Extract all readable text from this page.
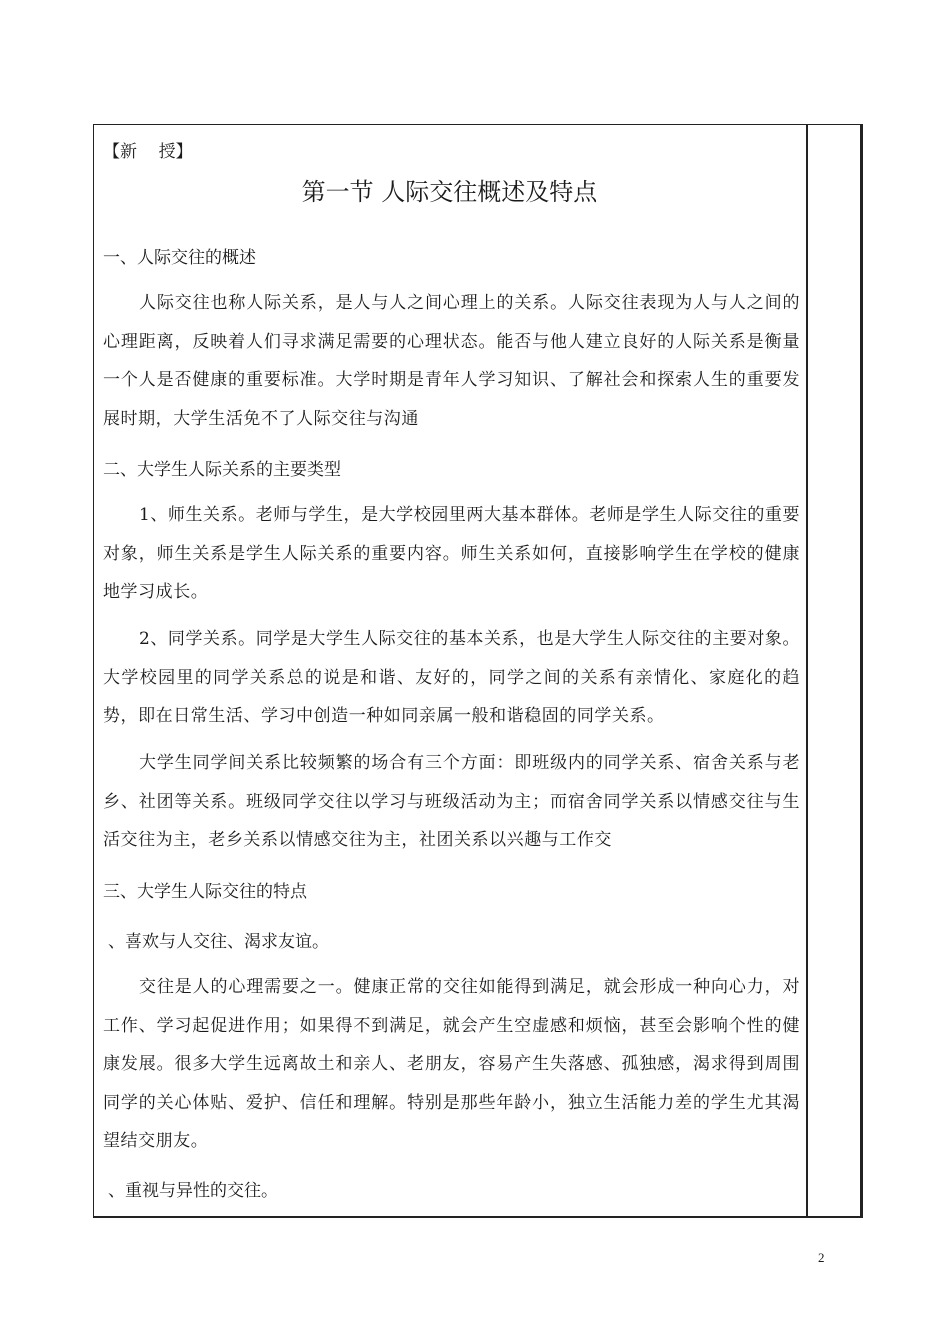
【新    授】
第一节 人际交往概述及特点
一、人际交往的概述
人际交往也称人际关系，是人与人之间心理上的关系。人际交往表现为人与人之间的心理距离，反映着人们寻求满足需要的心理状态。能否与他人建立良好的人际关系是衡量一个人是否健康的重要标准。大学时期是青年人学习知识、了解社会和探索人生的重要发展时期，大学生活免不了人际交往与沟通
二、大学生人际关系的主要类型
1、师生关系。老师与学生，是大学校园里两大基本群体。老师是学生人际交往的重要对象，师生关系是学生人际关系的重要内容。师生关系如何，直接影响学生在学校的健康地学习成长。
2、同学关系。同学是大学生人际交往的基本关系，也是大学生人际交往的主要对象。大学校园里的同学关系总的说是和谐、友好的，同学之间的关系有亲情化、家庭化的趋势，即在日常生活、学习中创造一种如同亲属一般和谐稳固的同学关系。
大学生同学间关系比较频繁的场合有三个方面：即班级内的同学关系、宿舍关系与老乡、社团等关系。班级同学交往以学习与班级活动为主；而宿舍同学关系以情感交往与生活交往为主，老乡关系以情感交往为主，社团关系以兴趣与工作交
三、大学生人际交往的特点
、喜欢与人交往、渴求友谊。
交往是人的心理需要之一。健康正常的交往如能得到满足，就会形成一种向心力，对工作、学习起促进作用；如果得不到满足，就会产生空虚感和烦恼，甚至会影响个性的健康发展。很多大学生远离故土和亲人、老朋友，容易产生失落感、孤独感，渴求得到周围同学的关心体贴、爱护、信任和理解。特别是那些年龄小，独立生活能力差的学生尤其渴望结交朋友。
、重视与异性的交往。
2
